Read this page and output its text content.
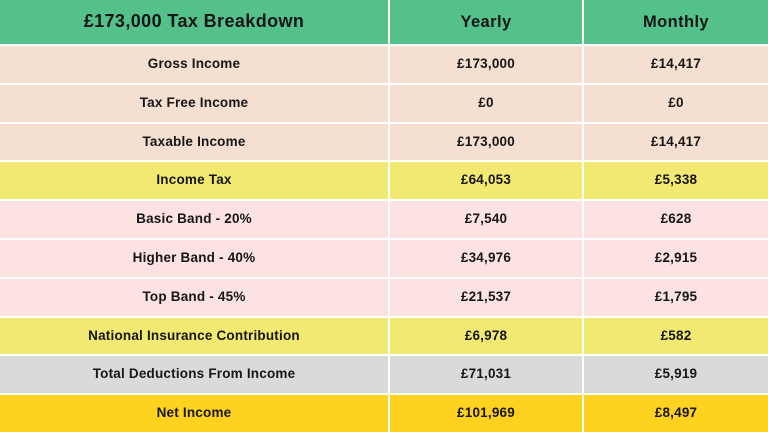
£173,000 Tax Breakdown	Yearly	Monthly
Gross Income	£173,000	£14,417
Tax Free Income	£0	£0
Taxable Income	£173,000	£14,417
Income Tax	£64,053	£5,338
Basic Band - 20%	£7,540	£628
Higher Band - 40%	£34,976	£2,915
Top Band - 45%	£21,537	£1,795
National Insurance Contribution	£6,978	£582
Total Deductions From Income	£71,031	£5,919
Net Income	£101,969	£8,497
